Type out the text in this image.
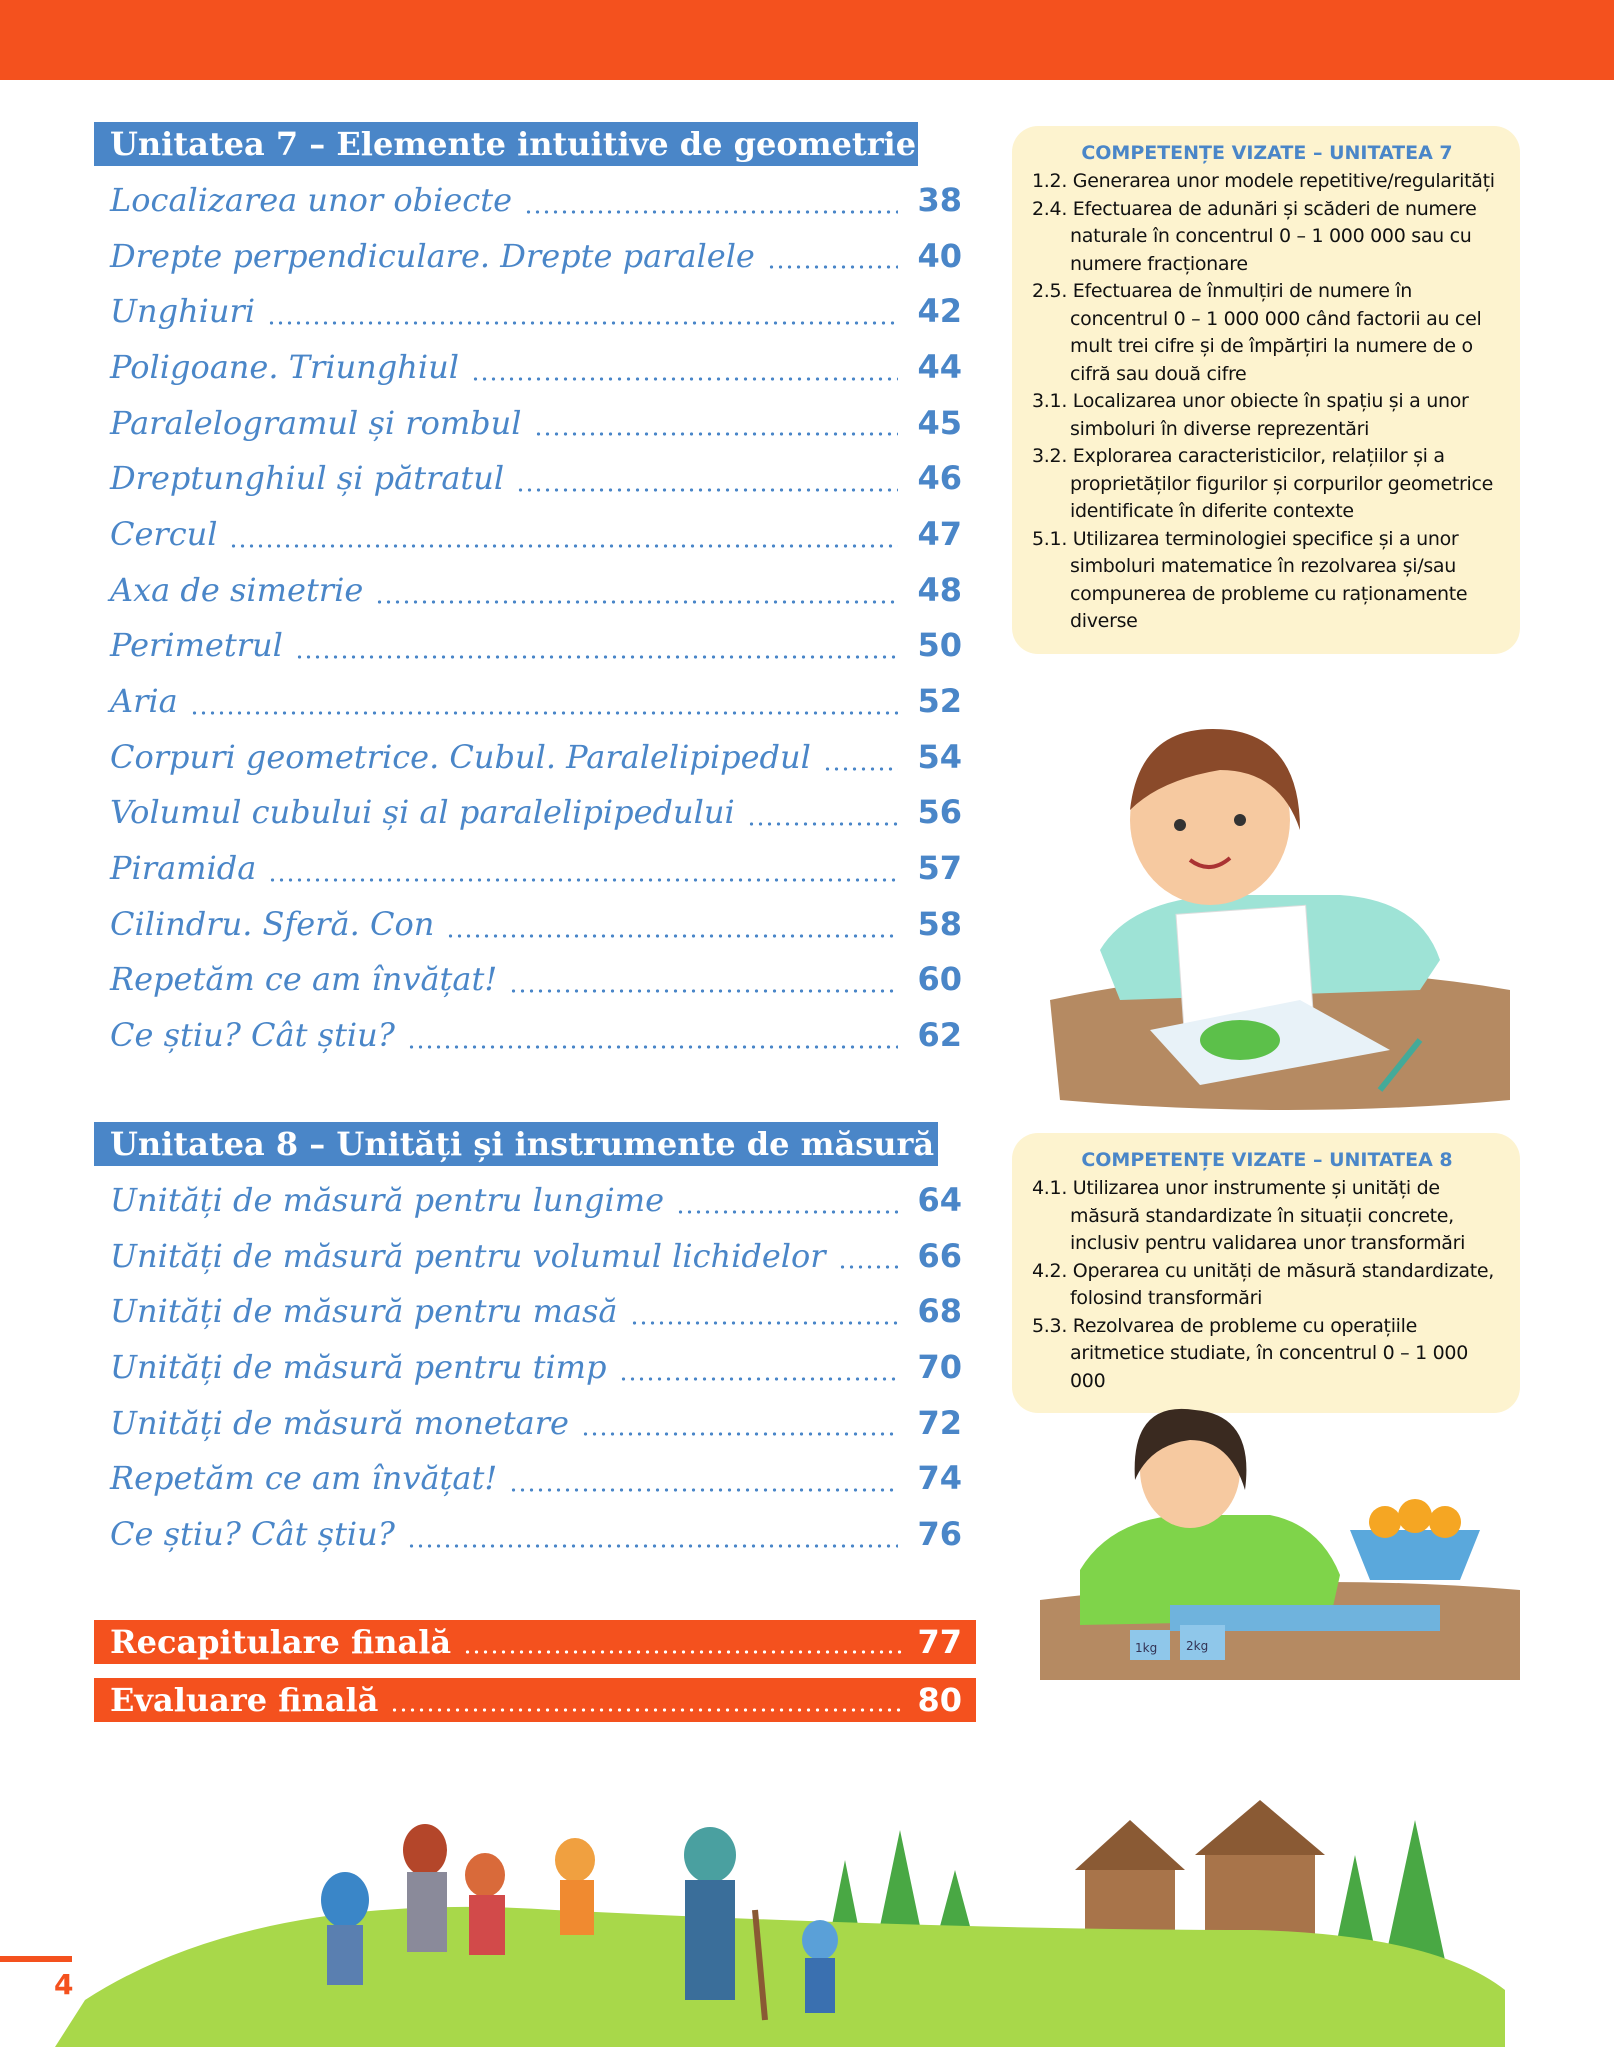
Unitatea 7 – Elemente intuitive de geometrie
Localizarea unor obiecte	38
Drepte perpendiculare. Drepte paralele	40
Unghiuri	42
Poligoane. Triunghiul	44
Paralelogramul și rombul	45
Dreptunghiul și pătratul	46
Cercul	47
Axa de simetrie	48
Perimetrul	50
Aria	52
Corpuri geometrice. Cubul. Paralelipipedul	54
Volumul cubului și al paralelipipedului	56
Piramida	57
Cilindru. Sferă. Con	58
Repetăm ce am învățat!	60
Ce știu? Cât știu?	62
COMPETENȚE VIZATE – UNITATEA 7
1.2. Generarea unor modele repetitive/regularități
2.4. Efectuarea de adunări și scăderi de numere naturale în concentrul 0 – 1 000 000 sau cu numere fracționare
2.5. Efectuarea de înmulțiri de numere în concentrul 0 – 1 000 000 când factorii au cel mult trei cifre și de împărțiri la numere de o cifră sau două cifre
3.1. Localizarea unor obiecte în spațiu și a unor simboluri în diverse reprezentări
3.2. Explorarea caracteristicilor, relațiilor și a proprietăților figurilor și corpurilor geometrice identificate în diferite contexte
5.1. Utilizarea terminologiei specifice și a unor simboluri matematice în rezolvarea și/sau compunerea de probleme cu raționamente diverse
Unitatea 8 – Unități și instrumente de măsură
Unități de măsură pentru lungime	64
Unități de măsură pentru volumul lichidelor	66
Unități de măsură pentru masă	68
Unități de măsură pentru timp	70
Unități de măsură monetare	72
Repetăm ce am învățat!	74
Ce știu? Cât știu?	76
COMPETENȚE VIZATE – UNITATEA 8
4.1. Utilizarea unor instrumente și unități de măsură standardizate în situații concrete, inclusiv pentru validarea unor transformări
4.2. Operarea cu unități de măsură standardizate, folosind transformări
5.3. Rezolvarea de probleme cu operațiile aritmetice studiate, în concentrul 0 – 1 000 000
1kg 2kg
Recapitulare finală	77
Evaluare finală	80
4
